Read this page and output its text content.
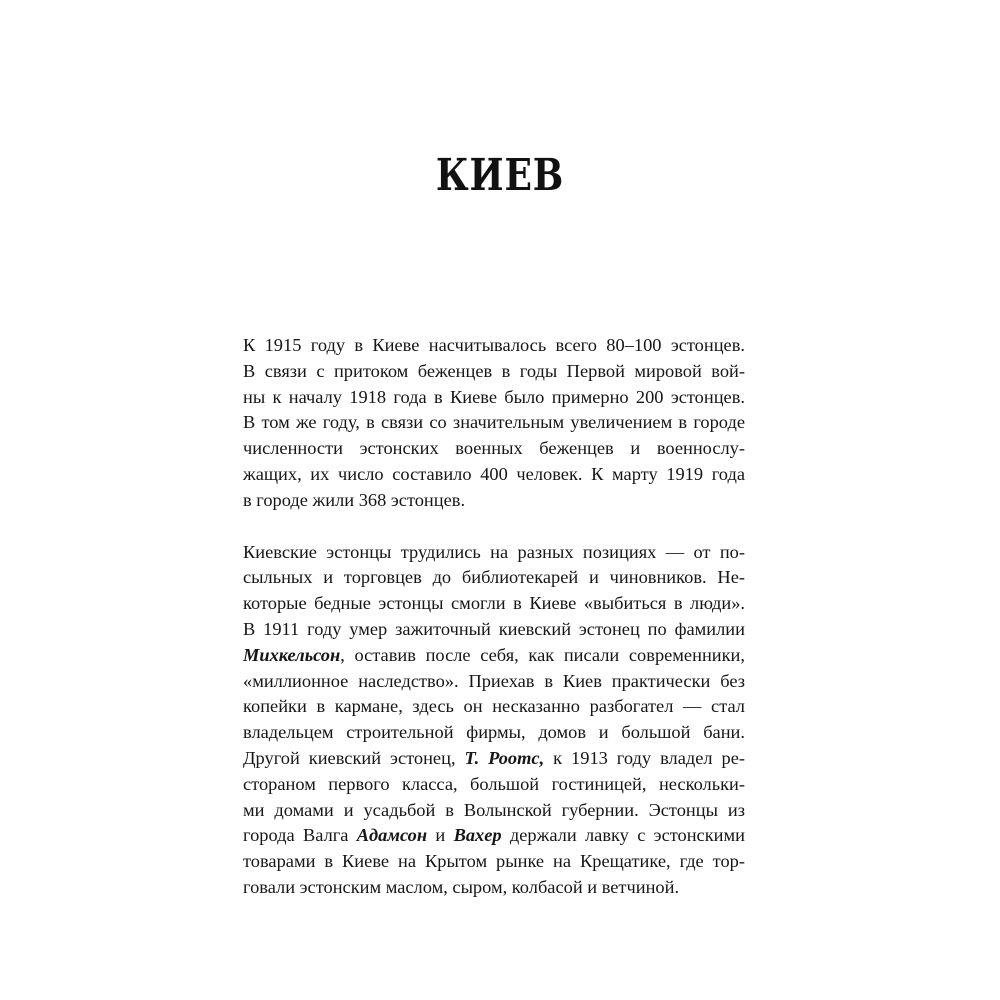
КИЕВ

К 1915 году в Киеве насчитывалось всего 80–100 эстонцев.
В связи с притоком беженцев в годы Первой мировой вой-
ны к началу 1918 года в Киеве было примерно 200 эстонцев.
В том же году, в связи со значительным увеличением в городе
численности эстонских военных беженцев и военнослу-
жащих, их число составило 400 человек. К марту 1919 года
в городе жили 368 эстонцев.

Киевские эстонцы трудились на разных позициях — от по-
сыльных и торговцев до библиотекарей и чиновников. Не-
которые бедные эстонцы смогли в Киеве «выбиться в люди».
В 1911 году умер зажиточный киевский эстонец по фамилии
Михкельсон, оставив после себя, как писали современники,
«миллионное наследство». Приехав в Киев практически без
копейки в кармане, здесь он несказанно разбогател — стал
владельцем строительной фирмы, домов и большой бани.
Другой киевский эстонец, Т. Роотс, к 1913 году владел ре-
стораном первого класса, большой гостиницей, нескольки-
ми домами и усадьбой в Волынской губернии. Эстонцы из
города Валга Адамсон и Вахер держали лавку с эстонскими
товарами в Киеве на Крытом рынке на Крещатике, где тор-
говали эстонским маслом, сыром, колбасой и ветчиной.
